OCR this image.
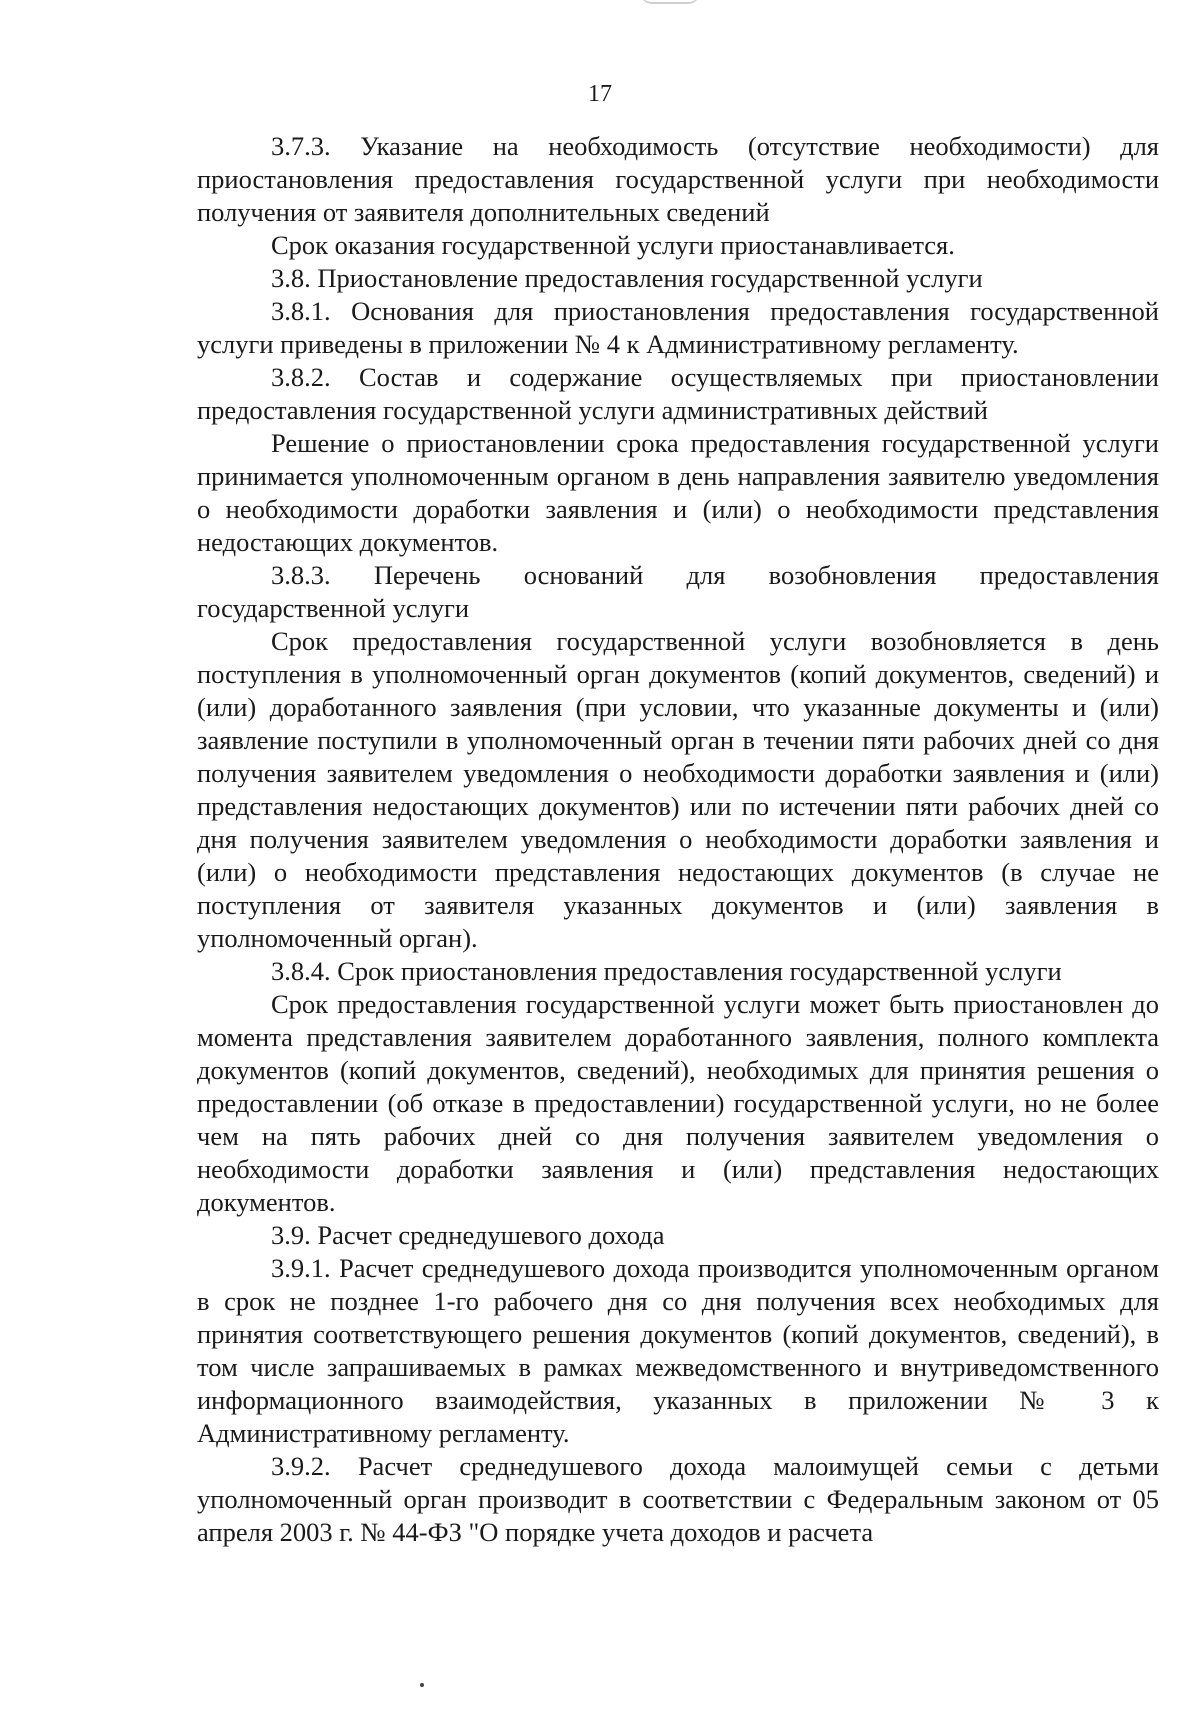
17

3.7.3. Указание на необходимость (отсутствие необходимости) для приостановления предоставления государственной услуги при необходимости получения от заявителя дополнительных сведений

Срок оказания государственной услуги приостанавливается.

3.8. Приостановление предоставления государственной услуги

3.8.1. Основания для приостановления предоставления государственной услуги приведены в приложении № 4 к Административному регламенту.

3.8.2. Состав и содержание осуществляемых при приостановлении предоставления государственной услуги административных действий

Решение о приостановлении срока предоставления государственной услуги принимается уполномоченным органом в день направления заявителю уведомления о необходимости доработки заявления и (или) о необходимости представления недостающих документов.

3.8.3. Перечень оснований для возобновления предоставления государственной услуги

Срок предоставления государственной услуги возобновляется в день поступления в уполномоченный орган документов (копий документов, сведений) и (или) доработанного заявления (при условии, что указанные документы и (или) заявление поступили в уполномоченный орган в течении пяти рабочих дней со дня получения заявителем уведомления о необходимости доработки заявления и (или) представления недостающих документов) или по истечении пяти рабочих дней со дня получения заявителем уведомления о необходимости доработки заявления и (или) о необходимости представления недостающих документов (в случае не поступления от заявителя указанных документов и (или) заявления в уполномоченный орган).

3.8.4. Срок приостановления предоставления государственной услуги

Срок предоставления государственной услуги может быть приостановлен до момента представления заявителем доработанного заявления, полного комплекта документов (копий документов, сведений), необходимых для принятия решения о предоставлении (об отказе в предоставлении) государственной услуги, но не более чем на пять рабочих дней со дня получения заявителем уведомления о необходимости доработки заявления и (или) представления недостающих документов.

3.9. Расчет среднедушевого дохода

3.9.1. Расчет среднедушевого дохода производится уполномоченным органом в срок не позднее 1-го рабочего дня со дня получения всех необходимых для принятия соответствующего решения документов (копий документов, сведений), в том числе запрашиваемых в рамках межведомственного и внутриведомственного информационного взаимодействия, указанных в приложении № 3 к Административному регламенту.

3.9.2. Расчет среднедушевого дохода малоимущей семьи с детьми уполномоченный орган производит в соответствии с Федеральным законом от 05 апреля 2003 г. № 44-ФЗ "О порядке учета доходов и расчета
